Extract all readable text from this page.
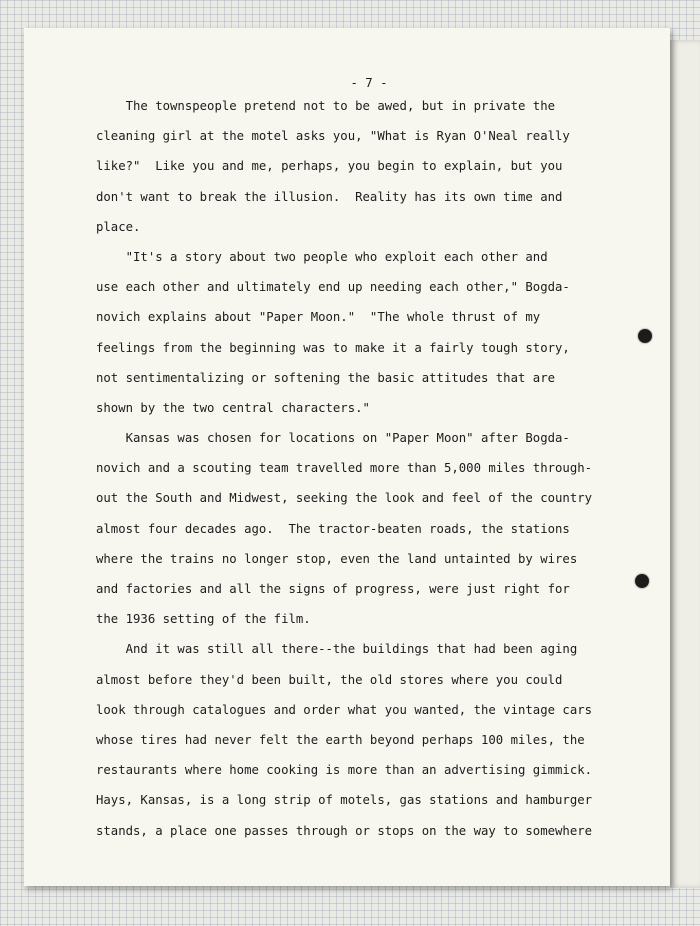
- 7 -
The townspeople pretend not to be awed, but in private the
cleaning girl at the motel asks you, "What is Ryan O'Neal really
like?"  Like you and me, perhaps, you begin to explain, but you
don't want to break the illusion.  Reality has its own time and
place.
"It's a story about two people who exploit each other and
use each other and ultimately end up needing each other," Bogda-
novich explains about "Paper Moon."  "The whole thrust of my
feelings from the beginning was to make it a fairly tough story,
not sentimentalizing or softening the basic attitudes that are
shown by the two central characters."
Kansas was chosen for locations on "Paper Moon" after Bogda-
novich and a scouting team travelled more than 5,000 miles through-
out the South and Midwest, seeking the look and feel of the country
almost four decades ago.  The tractor-beaten roads, the stations
where the trains no longer stop, even the land untainted by wires
and factories and all the signs of progress, were just right for
the 1936 setting of the film.
And it was still all there--the buildings that had been aging
almost before they'd been built, the old stores where you could
look through catalogues and order what you wanted, the vintage cars
whose tires had never felt the earth beyond perhaps 100 miles, the
restaurants where home cooking is more than an advertising gimmick.
Hays, Kansas, is a long strip of motels, gas stations and hamburger
stands, a place one passes through or stops on the way to somewhere
